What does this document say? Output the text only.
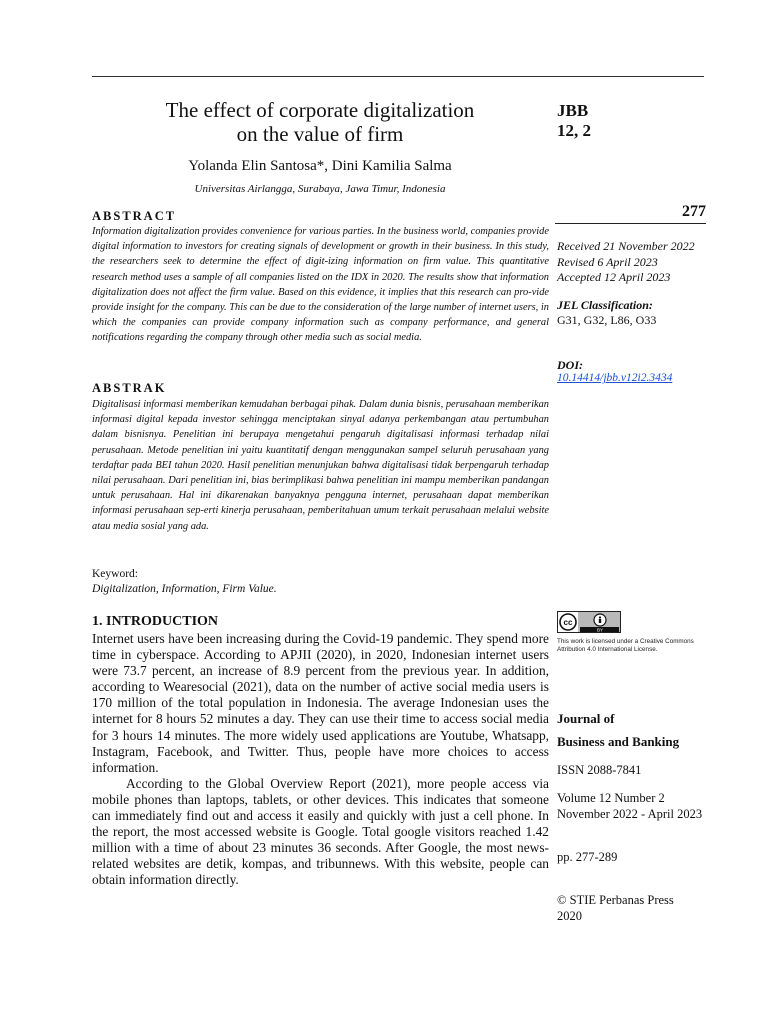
The effect of corporate digitalization
on the value of firm
Yolanda Elin Santosa*, Dini Kamilia Salma
Universitas Airlangga, Surabaya, Jawa Timur, Indonesia
JBB
12, 2
277
ABSTRACT
Information digitalization provides convenience for various parties. In the business world, companies provide digital information to investors for creating signals of development or growth in their business. In this study, the researchers seek to determine the effect of digit-izing information on firm value. This quantitative research method uses a sample of all companies listed on the IDX in 2020. The results show that information digitalization does not affect the firm value. Based on this evidence, it implies that this research can pro-vide provide insight for the company. This can be due to the consideration of the large number of internet users, in which the companies can provide company information such as company performance, and general notifications regarding the company through other media such as social media.
ABSTRAK
Digitalisasi informasi memberikan kemudahan berbagai pihak. Dalam dunia bisnis, perusahaan memberikan informasi digital kepada investor sehingga menciptakan sinyal adanya perkembangan atau pertumbuhan dalam bisnisnya. Penelitian ini berupaya mengetahui pengaruh digitalisasi informasi terhadap nilai perusahaan. Metode penelitian ini yaitu kuantitatif dengan menggunakan sampel seluruh perusahaan yang terdaftar pada BEI tahun 2020. Hasil penelitian menunjukan bahwa digitalisasi tidak berpengaruh terhadap nilai perusahaan. Dari penelitian ini, bias berimplikasi bahwa penelitian ini mampu memberikan pandangan untuk perusahaan. Hal ini dikarenakan banyaknya pengguna internet, perusahaan dapat memberikan informasi perusahaan sep-erti kinerja perusahaan, pemberitahuan umum terkait perusahaan melalui website atau media sosial yang ada.
Keyword:
Digitalization, Information, Firm Value.
1. INTRODUCTION

Internet users have been increasing during the Covid-19 pandemic. They spend more time in cyberspace. According to APJII (2020), in 2020, Indonesian internet users were 73.7 percent, an increase of 8.9 percent from the previous year. In addition, according to Wearesocial (2021), data on the number of active social media users is 170 million of the total population in Indonesia. The average Indonesian uses the internet for 8 hours 52 minutes a day. They can use their time to access social media for 3 hours 14 minutes. The more widely used applications are Youtube, Whatsapp, Instagram, Facebook, and Twitter. Thus, people have more choices to access information.

According to the Global Overview Report (2021), more people access via mobile phones than laptops, tablets, or other devices. This indicates that someone can immediately find out and access it easily and quickly with just a cell phone. In the report, the most accessed website is Google. Total google visitors reached 1.42 million with a time of about 23 minutes 36 seconds. After Google, the most news-related websites are detik, kompas, and tribunnews. With this website, people can obtain information directly.

Received 21 November 2022
Revised 6 April 2023
Accepted 12 April 2023
JEL Classification:
G31, G32, L86, O33
DOI:
10.14414/jbb.v12i2.3434
cc
BY
This work is licensed under a Creative Commons Attribution 4.0 International License.
Journal of
Business and Banking
ISSN 2088-7841
Volume 12 Number 2
November 2022 - April 2023
pp. 277-289
© STIE Perbanas Press
2020
